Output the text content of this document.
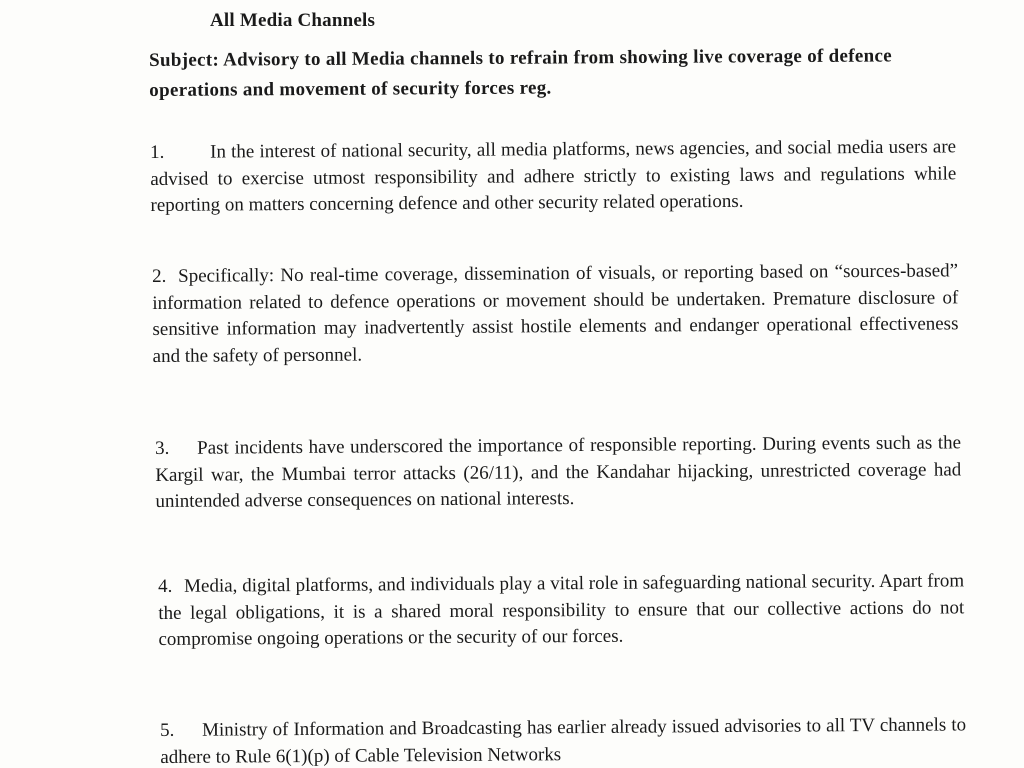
All Media Channels
Subject: Advisory to all Media channels to refrain from showing live coverage of defence operations and movement of security forces reg.
1. In the interest of national security, all media platforms, news agencies, and social media users are advised to exercise utmost responsibility and adhere strictly to existing laws and regulations while reporting on matters concerning defence and other security related operations.
2. Specifically: No real-time coverage, dissemination of visuals, or reporting based on “sources-based” information related to defence operations or movement should be undertaken. Premature disclosure of sensitive information may inadvertently assist hostile elements and endanger operational effectiveness and the safety of personnel.
3. Past incidents have underscored the importance of responsible reporting. During events such as the Kargil war, the Mumbai terror attacks (26/11), and the Kandahar hijacking, unrestricted coverage had unintended adverse consequences on national interests.
4. Media, digital platforms, and individuals play a vital role in safeguarding national security. Apart from the legal obligations, it is a shared moral responsibility to ensure that our collective actions do not compromise ongoing operations or the security of our forces.
5. Ministry of Information and Broadcasting has earlier already issued advisories to all TV channels to adhere to Rule 6(1)(p) of Cable Television Networks
